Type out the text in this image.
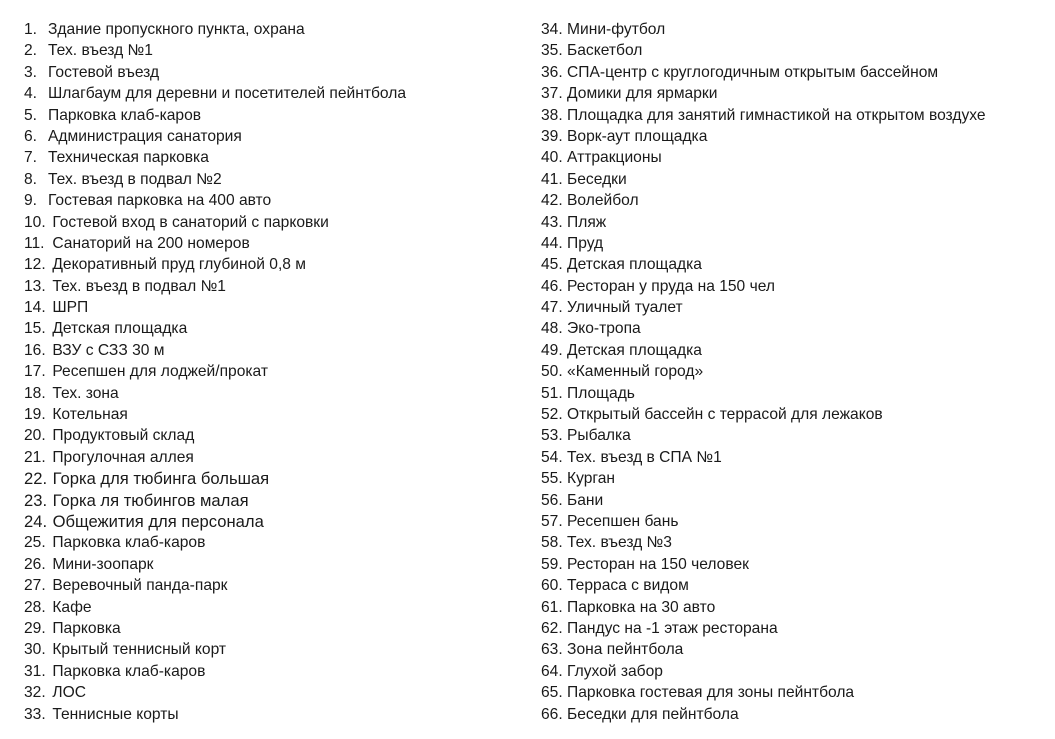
1. Здание пропускного пункта, охрана
2. Тех. въезд №1
3. Гостевой въезд
4. Шлагбаум для деревни и посетителей пейнтбола
5. Парковка клаб-каров
6. Администрация санатория
7. Техническая парковка
8. Тех. въезд в подвал №2
9. Гостевая парковка на 400 авто
10. Гостевой вход в санаторий с парковки
11. Санаторий на 200 номеров
12. Декоративный пруд глубиной 0,8 м
13. Тех. въезд в подвал №1
14. ШРП
15. Детская площадка
16. ВЗУ с СЗЗ 30 м
17. Ресепшен для лоджей/прокат
18. Тех. зона
19. Котельная
20. Продуктовый склад
21. Прогулочная аллея
22. Горка для тюбинга большая
23. Горка ля тюбингов малая
24. Общежития для персонала
25. Парковка клаб-каров
26. Мини-зоопарк
27. Веревочный панда-парк
28. Кафе
29. Парковка
30. Крытый теннисный корт
31. Парковка клаб-каров
32. ЛОС
33. Теннисные корты
34. Мини-футбол
35. Баскетбол
36. СПА-центр с круглогодичным открытым бассейном
37. Домики для ярмарки
38. Площадка для занятий гимнастикой на открытом воздухе
39. Ворк-аут площадка
40. Аттракционы
41. Беседки
42. Волейбол
43. Пляж
44. Пруд
45. Детская площадка
46. Ресторан у пруда на 150 чел
47. Уличный туалет
48. Эко-тропа
49. Детская площадка
50. «Каменный город»
51. Площадь
52. Открытый бассейн с террасой для лежаков
53. Рыбалка
54. Тех. въезд в СПА №1
55. Курган
56. Бани
57. Ресепшен бань
58. Тех. въезд №3
59. Ресторан на 150 человек
60. Терраса с видом
61. Парковка на 30 авто
62. Пандус на -1 этаж ресторана
63. Зона пейнтбола
64. Глухой забор
65. Парковка гостевая для зоны пейнтбола
66. Беседки для пейнтбола
